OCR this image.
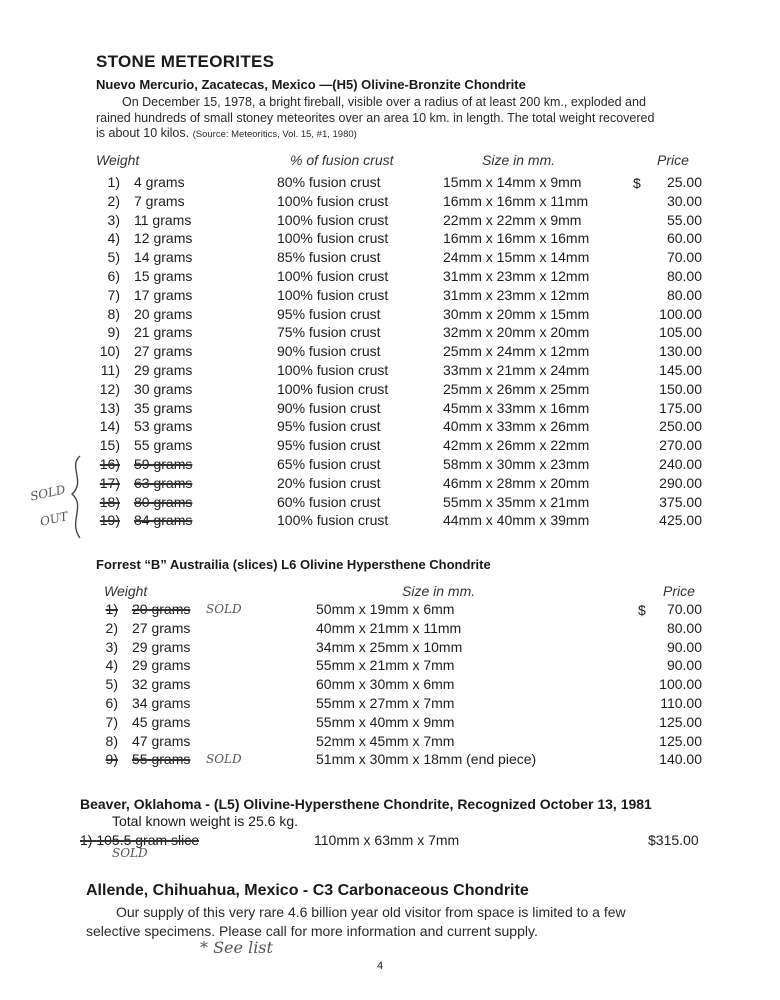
STONE METEORITES
Nuevo Mercurio, Zacatecas, Mexico —(H5) Olivine-Bronzite Chondrite
On December 15, 1978, a bright fireball, visible over a radius of at least 200 km., exploded and
rained hundreds of small stoney meteorites over an area 10 km. in length. The total weight recovered
is about 10 kilos. (Source: Meteoritics, Vol. 15, #1, 1980)
Weight	% of fusion crust	Size in mm.	Price
1) 4 grams	80% fusion crust	15mm x 14mm x 9mm	25.00
2) 7 grams	100% fusion crust	16mm x 16mm x 11mm	30.00
3) 11 grams	100% fusion crust	22mm x 22mm x 9mm	55.00
4) 12 grams	100% fusion crust	16mm x 16mm x 16mm	60.00
5) 14 grams	85% fusion crust	24mm x 15mm x 14mm	70.00
6) 15 grams	100% fusion crust	31mm x 23mm x 12mm	80.00
7) 17 grams	100% fusion crust	31mm x 23mm x 12mm	80.00
8) 20 grams	95% fusion crust	30mm x 20mm x 15mm	100.00
9) 21 grams	75% fusion crust	32mm x 20mm x 20mm	105.00
10) 27 grams	90% fusion crust	25mm x 24mm x 12mm	130.00
11) 29 grams	100% fusion crust	33mm x 21mm x 24mm	145.00
12) 30 grams	100% fusion crust	25mm x 26mm x 25mm	150.00
13) 35 grams	90% fusion crust	45mm x 33mm x 16mm	175.00
14) 53 grams	95% fusion crust	40mm x 33mm x 26mm	250.00
15) 55 grams	95% fusion crust	42mm x 26mm x 22mm	270.00
16) 59 grams	65% fusion crust	58mm x 30mm x 23mm	240.00
17) 63 grams	20% fusion crust	46mm x 28mm x 20mm	290.00
18) 80 grams	60% fusion crust	55mm x 35mm x 21mm	375.00
19) 84 grams	100% fusion crust	44mm x 40mm x 39mm	425.00
$
SOLD
OUT
Forrest “B” Austrailia (slices) L6 Olivine Hypersthene Chondrite
Weight	Size in mm.	Price
1) 20 grams SOLD	50mm x 19mm x 6mm	70.00
2) 27 grams	40mm x 21mm x 11mm	80.00
3) 29 grams	34mm x 25mm x 10mm	90.00
4) 29 grams	55mm x 21mm x 7mm	90.00
5) 32 grams	60mm x 30mm x 6mm	100.00
6) 34 grams	55mm x 27mm x 7mm	110.00
7) 45 grams	55mm x 40mm x 9mm	125.00
8) 47 grams	52mm x 45mm x 7mm	125.00
9) 55 grams SOLD	51mm x 30mm x 18mm (end piece)	140.00
$
Beaver, Oklahoma - (L5) Olivine-Hypersthene Chondrite, Recognized October 13, 1981
Total known weight is 25.6 kg.
1) 105.5 gram slice	110mm x 63mm x 7mm	$315.00
SOLD
Allende, Chihuahua, Mexico - C3 Carbonaceous Chondrite
Our supply of this very rare 4.6 billion year old visitor from space is limited to a few
selective specimens. Please call for more information and current supply.
* See list
4
